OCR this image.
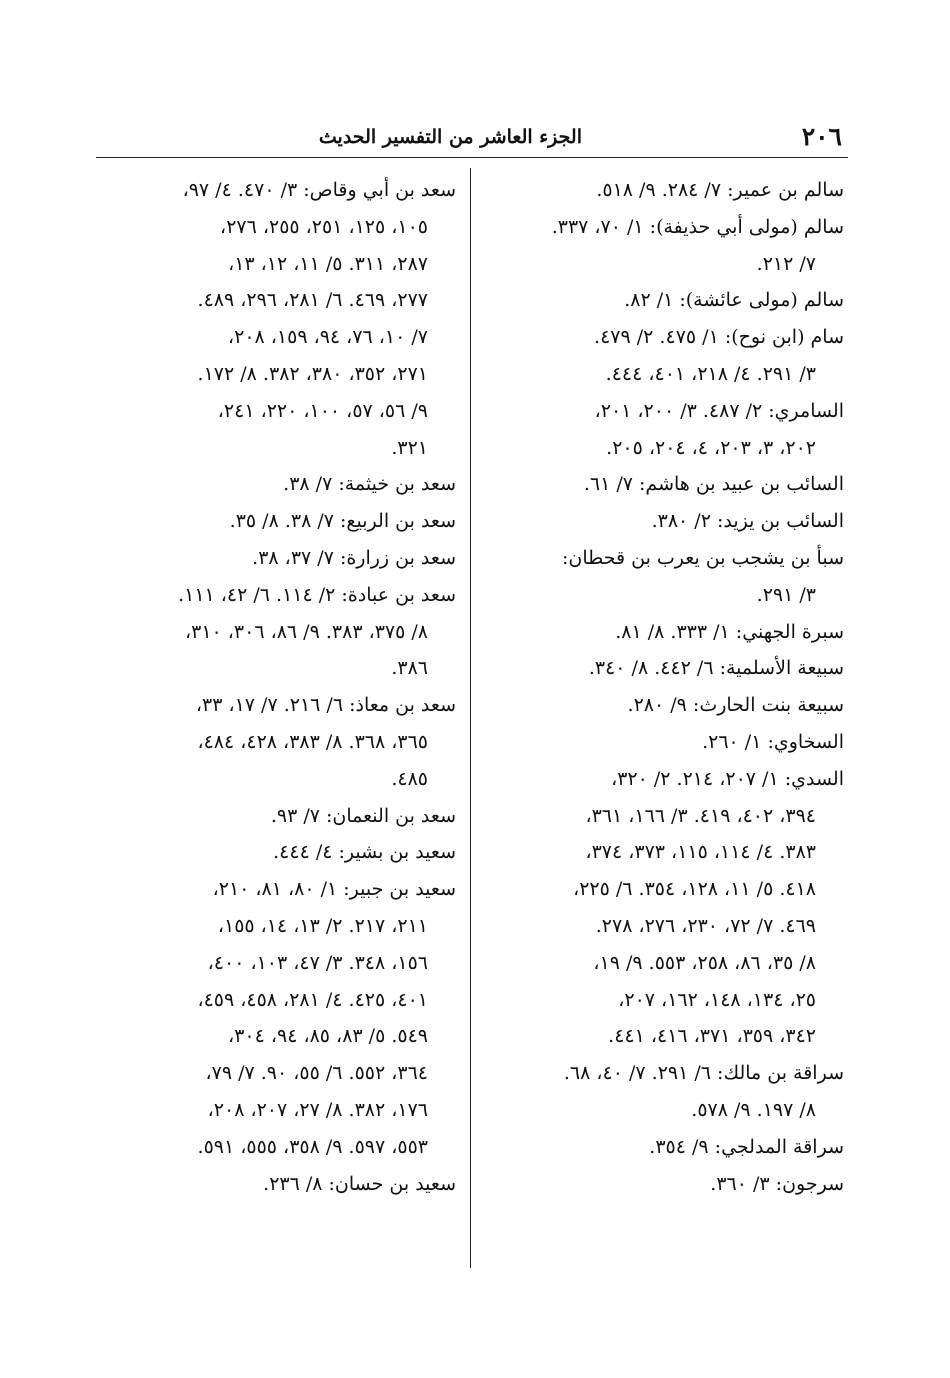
٢٠٦
الجزء العاشر من التفسير الحديث
سالم بن عمير: ٧/ ٢٨٤. ٩/ ٥١٨.
سالم (مولى أبي حذيفة): ١/ ٧٠، ٣٣٧.
٧/ ٢١٢.
سالم (مولى عائشة): ١/ ٨٢.
سام (ابن نوح): ١/ ٤٧٥. ٢/ ٤٧٩.
٣/ ٢٩١. ٤/ ٢١٨، ٤٠١، ٤٤٤.
السامري: ٢/ ٤٨٧. ٣/ ٢٠٠، ٢٠١،
٢٠٢، ٣، ٢٠٣، ٤، ٢٠٤، ٢٠٥.
السائب بن عبيد بن هاشم: ٧/ ٦١.
السائب بن يزيد: ٢/ ٣٨٠.
سبأ بن يشجب بن يعرب بن قحطان:
٣/ ٢٩١.
سبرة الجهني: ١/ ٣٣٣. ٨/ ٨١.
سبيعة الأسلمية: ٦/ ٤٤٢. ٨/ ٣٤٠.
سبيعة بنت الحارث: ٩/ ٢٨٠.
السخاوي: ١/ ٢٦٠.
السدي: ١/ ٢٠٧، ٢١٤. ٢/ ٣٢٠،
٣٩٤، ٤٠٢، ٤١٩. ٣/ ١٦٦، ٣٦١،
٣٨٣. ٤/ ١١٤، ١١٥، ٣٧٣، ٣٧٤،
٤١٨. ٥/ ١١، ١٢٨، ٣٥٤. ٦/ ٢٢٥،
٤٦٩. ٧/ ٧٢، ٢٣٠، ٢٧٦، ٢٧٨.
٨/ ٣٥، ٨٦، ٢٥٨، ٥٥٣. ٩/ ١٩،
٢٥، ١٣٤، ١٤٨، ١٦٢، ٢٠٧،
٣٤٢، ٣٥٩، ٣٧١، ٤١٦، ٤٤١.
سراقة بن مالك: ٦/ ٢٩١. ٧/ ٤٠، ٦٨.
٨/ ١٩٧. ٩/ ٥٧٨.
سراقة المدلجي: ٩/ ٣٥٤.
سرجون: ٣/ ٣٦٠.
سعد بن أبي وقاص: ٣/ ٤٧٠. ٤/ ٩٧،
١٠٥، ١٢٥، ٢٥١، ٢٥٥، ٢٧٦،
٢٨٧، ٣١١. ٥/ ١١، ١٢، ١٣،
٢٧٧، ٤٦٩. ٦/ ٢٨١، ٢٩٦، ٤٨٩.
٧/ ١٠، ٧٦، ٩٤، ١٥٩، ٢٠٨،
٢٧١، ٣٥٢، ٣٨٠، ٣٨٢. ٨/ ١٧٢.
٩/ ٥٦، ٥٧، ١٠٠، ٢٢٠، ٢٤١،
٣٢١.
سعد بن خيثمة: ٧/ ٣٨.
سعد بن الربيع: ٧/ ٣٨. ٨/ ٣٥.
سعد بن زرارة: ٧/ ٣٧، ٣٨.
سعد بن عبادة: ٢/ ١١٤. ٦/ ٤٢، ١١١.
٨/ ٣٧٥، ٣٨٣. ٩/ ٨٦، ٣٠٦، ٣١٠،
٣٨٦.
سعد بن معاذ: ٦/ ٢١٦. ٧/ ١٧، ٣٣،
٣٦٥، ٣٦٨. ٨/ ٣٨٣، ٤٢٨، ٤٨٤،
٤٨٥.
سعد بن النعمان: ٧/ ٩٣.
سعيد بن بشير: ٤/ ٤٤٤.
سعيد بن جبير: ١/ ٨٠، ٨١، ٢١٠،
٢١١، ٢١٧. ٢/ ١٣، ١٤، ١٥٥،
١٥٦، ٣٤٨. ٣/ ٤٧، ١٠٣، ٤٠٠،
٤٠١، ٤٢٥. ٤/ ٢٨١، ٤٥٨، ٤٥٩،
٥٤٩. ٥/ ٨٣، ٨٥، ٩٤، ٣٠٤،
٣٦٤، ٥٥٢. ٦/ ٥٥، ٩٠. ٧/ ٧٩،
١٧٦، ٣٨٢. ٨/ ٢٧، ٢٠٧، ٢٠٨،
٥٥٣، ٥٩٧. ٩/ ٣٥٨، ٥٥٥، ٥٩١.
سعيد بن حسان: ٨/ ٢٣٦.
